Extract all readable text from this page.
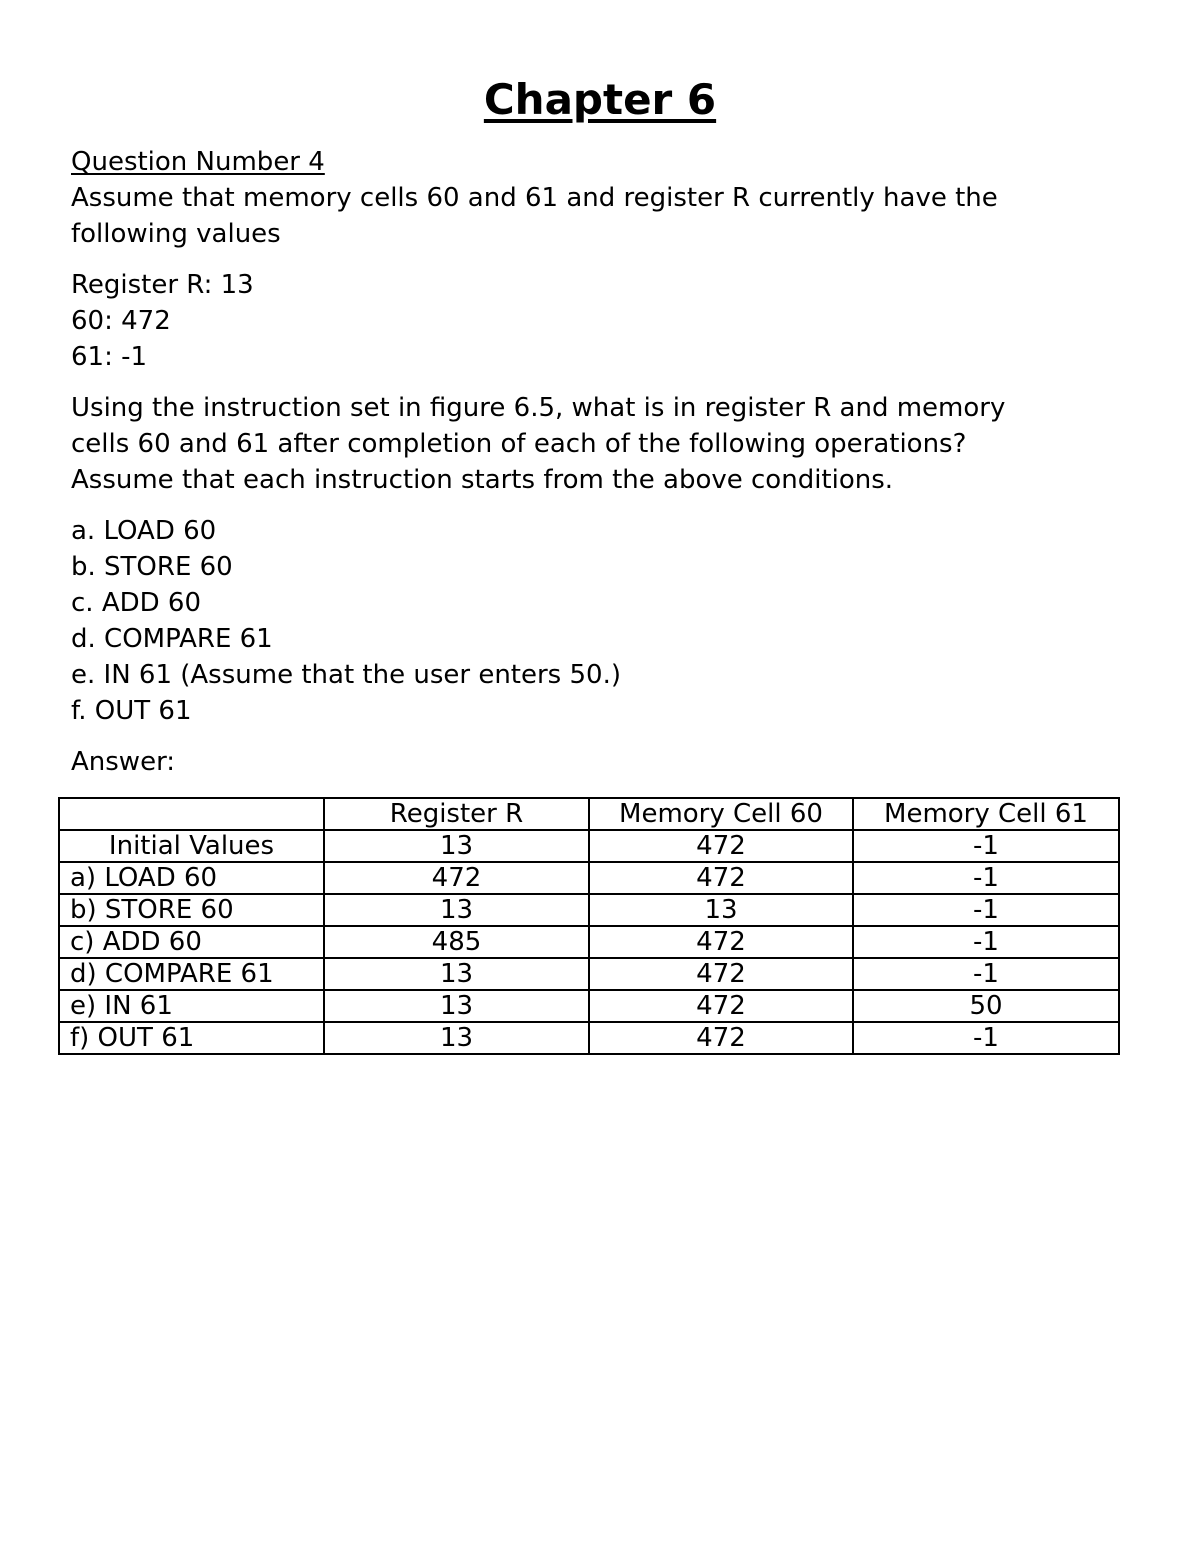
Chapter 6

Question Number 4

Assume that memory cells 60 and 61 and register R currently have the

following values

Register R: 13

60: 472

61: -1

Using the instruction set in figure 6.5, what is in register R and memory

cells 60 and 61 after completion of each of the following operations?

Assume that each instruction starts from the above conditions.

a. LOAD 60

b. STORE 60

c. ADD 60

d. COMPARE 61

e. IN 61 (Assume that the user enters 50.)

f. OUT 61

Answer:

	Register R	Memory Cell 60	Memory Cell 61
Initial Values	13	472	-1
a) LOAD 60	472	472	-1
b) STORE 60	13	13	-1
c) ADD 60	485	472	-1
d) COMPARE 61	13	472	-1
e) IN 61	13	472	50
f) OUT 61	13	472	-1
